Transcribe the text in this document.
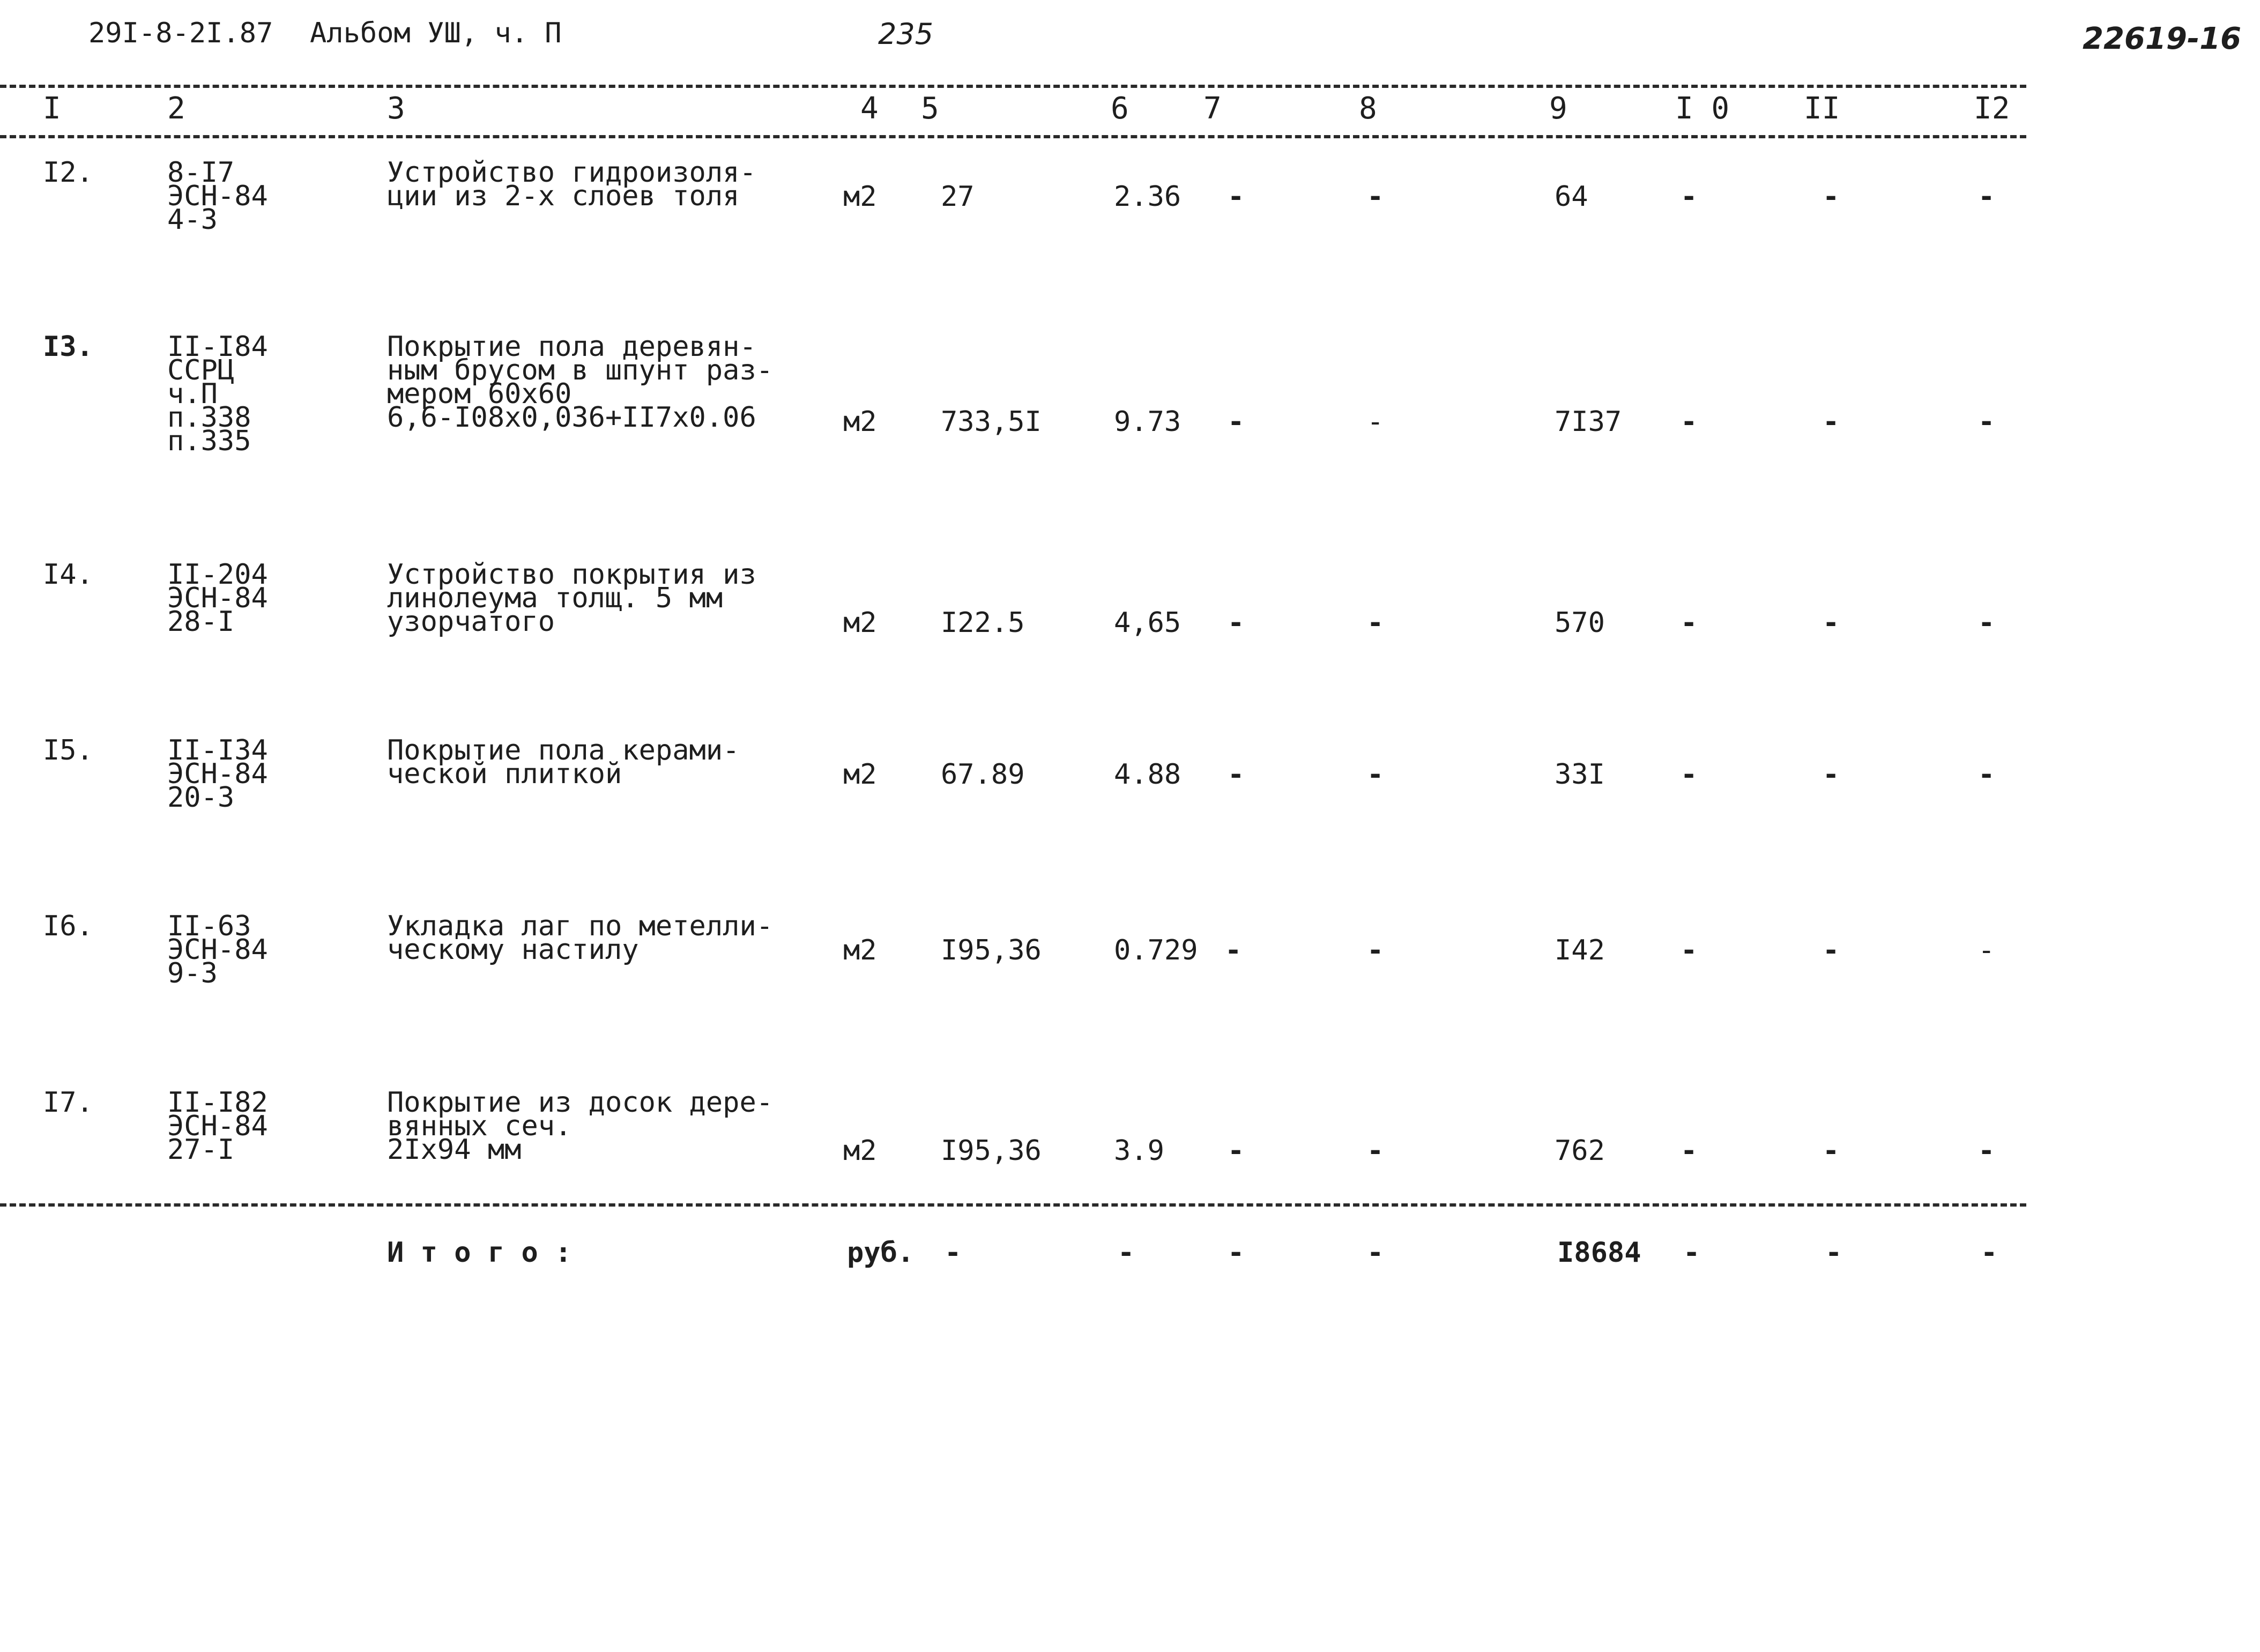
29I-8-2I.87 Альбом УШ, ч. П	235	22619-16
I	2	3	4 5	6 7	8	9	I 0 II	I2
I2.	8-I7
ЭСН-84
4-3
Устройство гидроизоля-
ции из 2-х слоев толя	м2 27	2.36 -	-	64	-	-	-
I3.	II-I84
ССРЦ
ч.П
п.338
п.335
Покрытие пола деревян-
ным брусом в шпунт раз-
мером 60х60
6,6-I08х0,036+II7х0.06	м2 733,5I	9.73 -	-	7I37 -	-	-
I4.	II-204
ЭСН-84
28-I
Устройство покрытия из
линолеума толщ. 5 мм
узорчатого	м2 I22.5	4,65 -	-	570	-	-	-
I5.	II-I34
ЭСН-84
20-3
Покрытие пола керами-
ческой плиткой	м2 67.89	4.88 -	-	33I	-	-	-
I6.	II-63
ЭСН-84
9-3
Укладка лаг по метелли-
ческому настилу	м2 I95,36	0.729 -	-	I42	-	-	-
I7.	II-I82
ЭСН-84
27-I
Покрытие из досок дере-
вянных сеч.
2Iх94 мм	м2 I95,36	3.9 -	-	762	-	-	-
И т о г о :	руб. -	-	-	-	I8684 -	-	-
